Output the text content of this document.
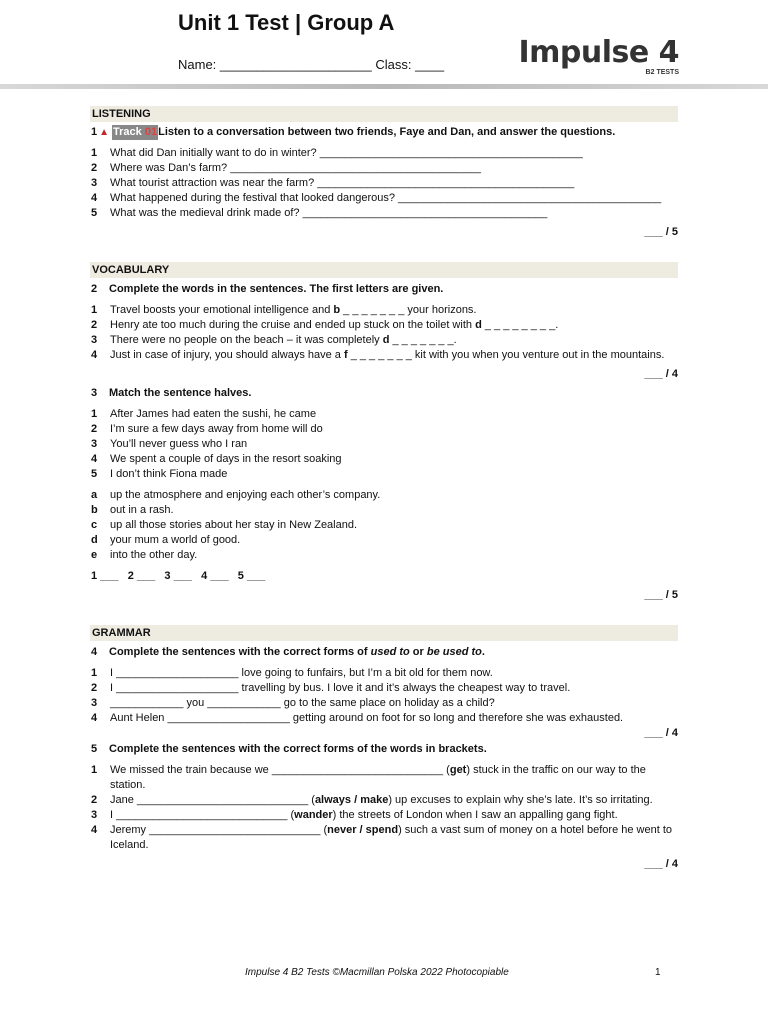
Unit 1 Test | Group A
Name: _____________________ Class: ____ Impulse 4
B2 TESTS
LISTENING
1 ▲ Track 01 Listen to a conversation between two friends, Faye and Dan, and answer the questions.
1	What did Dan initially want to do in winter? ___________________________________________
2	Where was Dan’s farm? _________________________________________
3	What tourist attraction was near the farm? __________________________________________
4	What happened during the festival that looked dangerous? ___________________________________________
5	What was the medieval drink made of? ________________________________________
___ / 5
VOCABULARY
2	Complete the words in the sentences. The first letters are given.
1	Travel boosts your emotional intelligence and b _ _ _ _ _ _ _ your horizons.
2	Henry ate too much during the cruise and ended up stuck on the toilet with d _ _ _ _ _ _ _ _.
3	There were no people on the beach – it was completely d _ _ _ _ _ _ _.
4	Just in case of injury, you should always have a f _ _ _ _ _ _ _ kit with you when you venture out in the mountains.
___ / 4
3	Match the sentence halves.
1	After James had eaten the sushi, he came
2	I’m sure a few days away from home will do
3	You’ll never guess who I ran
4	We spent a couple of days in the resort soaking
5	I don’t think Fiona made
a	up the atmosphere and enjoying each other’s company.
b	out in a rash.
c	up all those stories about her stay in New Zealand.
d	your mum a world of good.
e	into the other day.
1 ___   2 ___   3 ___   4 ___   5 ___
___ / 5
GRAMMAR
4	Complete the sentences with the correct forms of used to or be used to.
1	I ____________________ love going to funfairs, but I’m a bit old for them now.
2	I ____________________ travelling by bus. I love it and it’s always the cheapest way to travel.
3	____________ you ____________ go to the same place on holiday as a child?
4	Aunt Helen ____________________ getting around on foot for so long and therefore she was exhausted.
___ / 4
5	Complete the sentences with the correct forms of the words in brackets.
1	We missed the train because we ____________________________ (get) stuck in the traffic on our way to the station.
2	Jane ____________________________ (always / make) up excuses to explain why she’s late. It’s so irritating.
3	I ____________________________ (wander) the streets of London when I saw an appalling gang fight.
4	Jeremy ____________________________ (never / spend) such a vast sum of money on a hotel before he went to Iceland.
___ / 4
Impulse 4 B2 Tests ©Macmillan Polska 2022 Photocopiable	1
